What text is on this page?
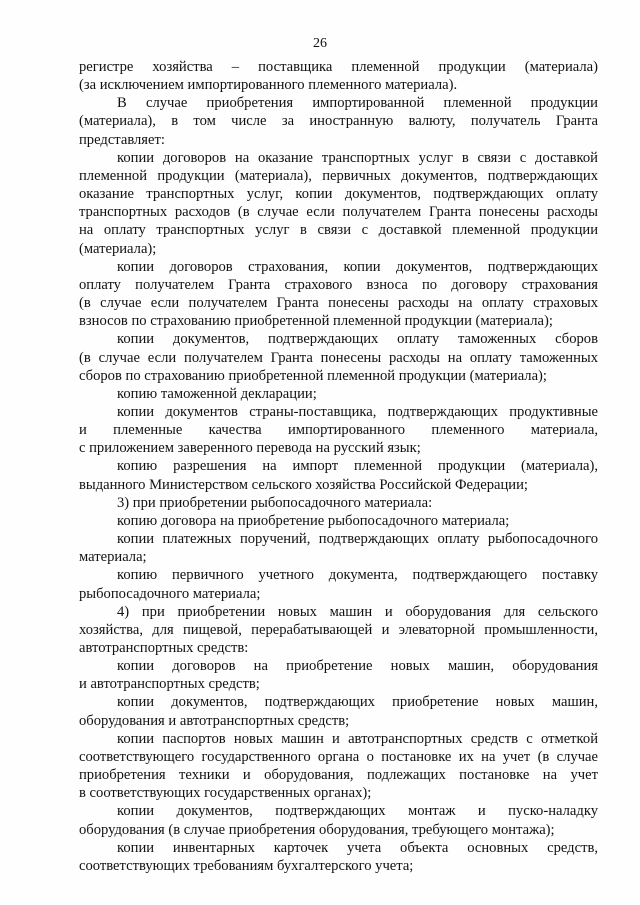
26
регистре хозяйства – поставщика племенной продукции (материала)
(за исключением импортированного племенного материала).
В случае приобретения импортированной племенной продукции
(материала), в том числе за иностранную валюту, получатель Гранта
представляет:
копии договоров на оказание транспортных услуг в связи с доставкой
племенной продукции (материала), первичных документов, подтверждающих
оказание транспортных услуг, копии документов, подтверждающих оплату
транспортных расходов (в случае если получателем Гранта понесены расходы
на оплату транспортных услуг в связи с доставкой племенной продукции
(материала);
копии договоров страхования, копии документов, подтверждающих
оплату получателем Гранта страхового взноса по договору страхования
(в случае если получателем Гранта понесены расходы на оплату страховых
взносов по страхованию приобретенной племенной продукции (материала);
копии документов, подтверждающих оплату таможенных сборов
(в случае если получателем Гранта понесены расходы на оплату таможенных
сборов по страхованию приобретенной племенной продукции (материала);
копию таможенной декларации;
копии документов страны-поставщика, подтверждающих продуктивные
и племенные качества импортированного племенного материала,
с приложением заверенного перевода на русский язык;
копию разрешения на импорт племенной продукции (материала),
выданного Министерством сельского хозяйства Российской Федерации;
3) при приобретении рыбопосадочного материала:
копию договора на приобретение рыбопосадочного материала;
копии платежных поручений, подтверждающих оплату рыбопосадочного
материала;
копию первичного учетного документа, подтверждающего поставку
рыбопосадочного материала;
4) при приобретении новых машин и оборудования для сельского
хозяйства, для пищевой, перерабатывающей и элеваторной промышленности,
автотранспортных средств:
копии договоров на приобретение новых машин, оборудования
и автотранспортных средств;
копии документов, подтверждающих приобретение новых машин,
оборудования и автотранспортных средств;
копии паспортов новых машин и автотранспортных средств с отметкой
соответствующего государственного органа о постановке их на учет (в случае
приобретения техники и оборудования, подлежащих постановке на учет
в соответствующих государственных органах);
копии документов, подтверждающих монтаж и пуско-наладку
оборудования (в случае приобретения оборудования, требующего монтажа);
копии инвентарных карточек учета объекта основных средств,
соответствующих требованиям бухгалтерского учета;
